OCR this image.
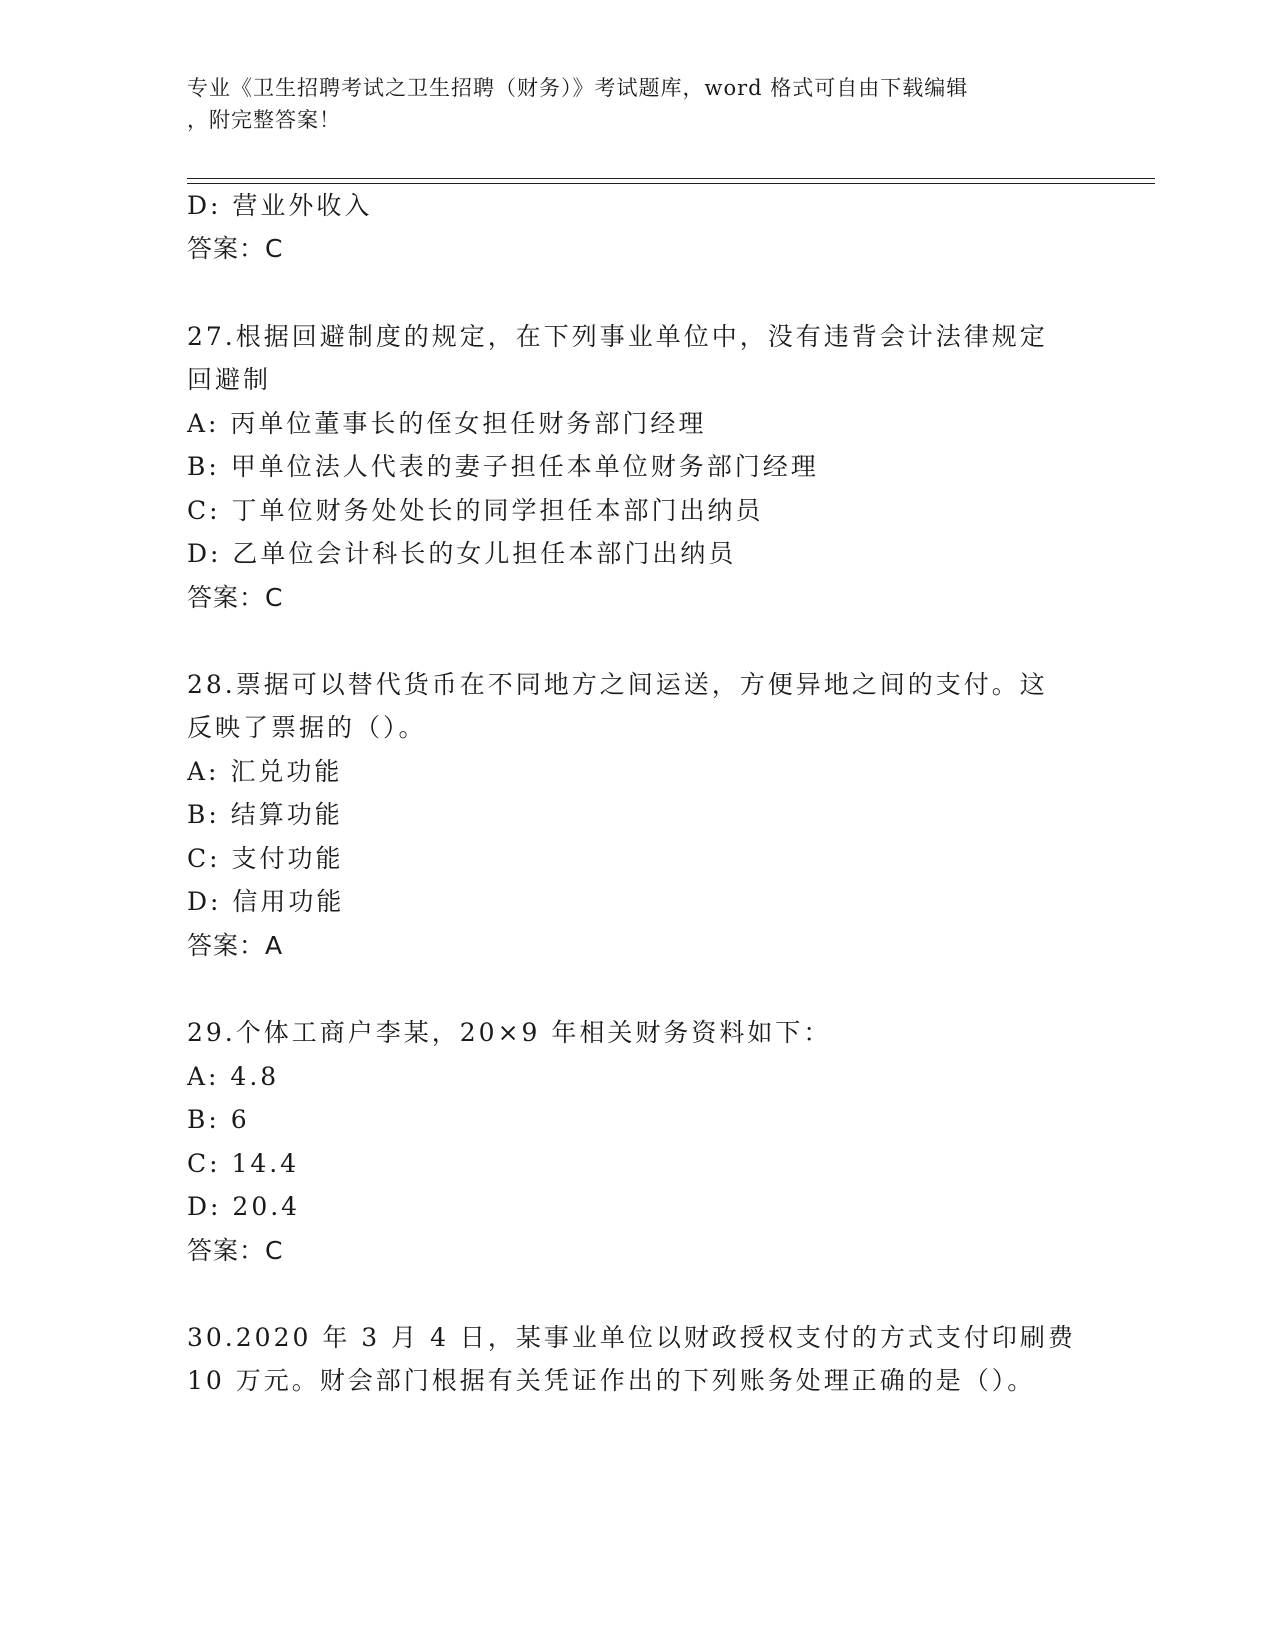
专业《卫生招聘考试之卫生招聘（财务）》考试题库，word 格式可自由下载编辑
，附完整答案！
D: 营业外收入
答案：C
27.根据回避制度的规定，在下列事业单位中，没有违背会计法律规定
回避制
A: 丙单位董事长的侄女担任财务部门经理
B: 甲单位法人代表的妻子担任本单位财务部门经理
C: 丁单位财务处处长的同学担任本部门出纳员
D: 乙单位会计科长的女儿担任本部门出纳员
答案：C
28.票据可以替代货币在不同地方之间运送，方便异地之间的支付。这
反映了票据的（）。
A: 汇兑功能
B: 结算功能
C: 支付功能
D: 信用功能
答案：A
29.个体工商户李某，20×9 年相关财务资料如下：
A: 4.8
B: 6
C: 14.4
D: 20.4
答案：C
30.2020 年 3 月 4 日，某事业单位以财政授权支付的方式支付印刷费
10 万元。财会部门根据有关凭证作出的下列账务处理正确的是（）。
